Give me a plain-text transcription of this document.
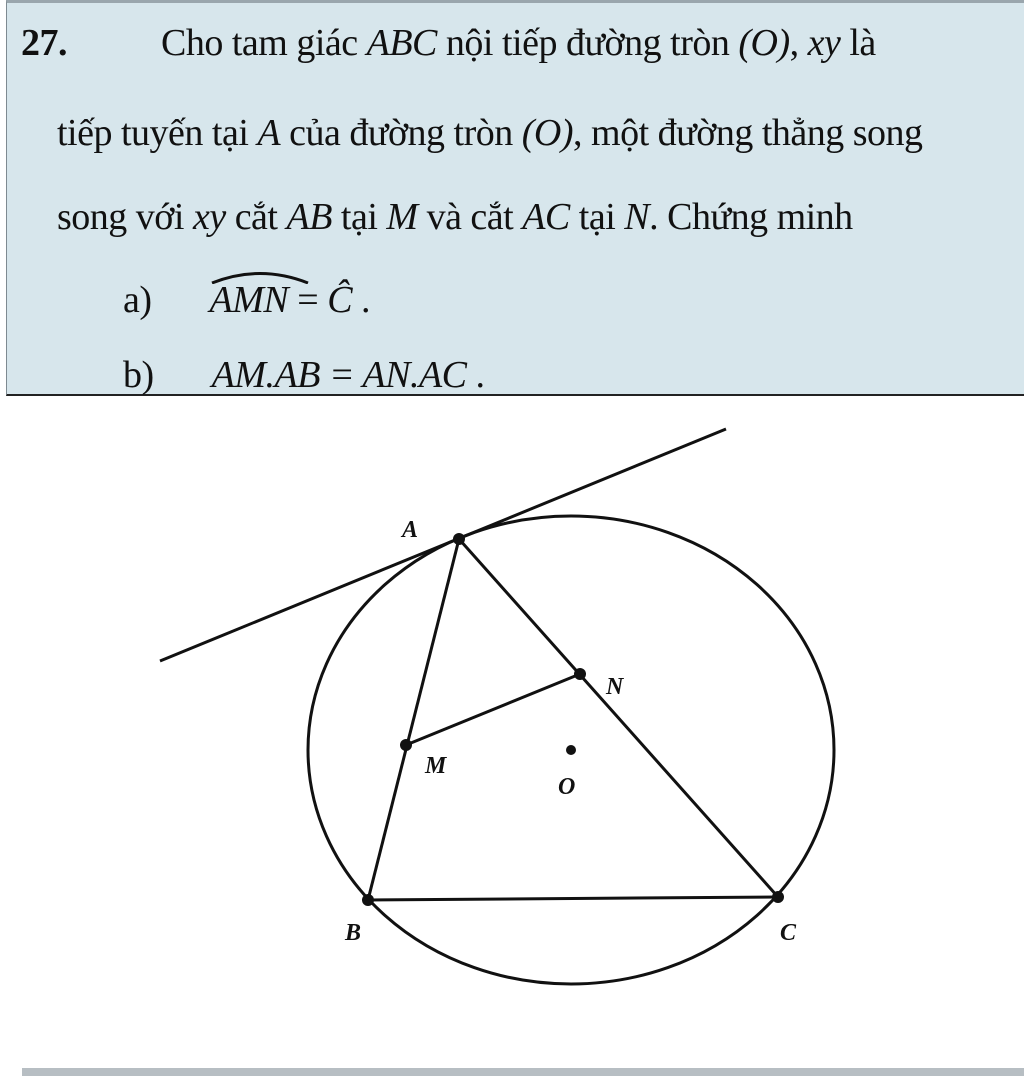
27. Cho tam giác ABC nội tiếp đường tròn (O), xy là
tiếp tuyến tại A của đường tròn (O), một đường thẳng song
song với xy cắt AB tại M và cắt AC tại N. Chứng minh
a) AMN = Ĉ .
b) AM.AB = AN.AC .
A
B	C
M
N
O
